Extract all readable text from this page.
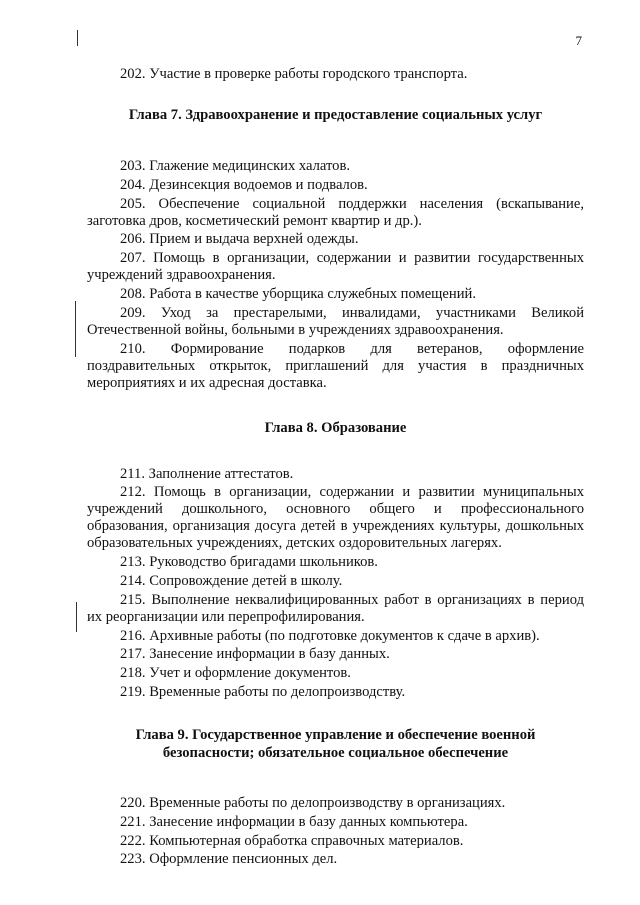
7

202. Участие в проверке работы городского транспорта.

Глава 7. Здравоохранение и предоставление социальных услуг

203. Глажение медицинских халатов.

204. Дезинсекция водоемов и подвалов.

205. Обеспечение социальной поддержки населения (вскапывание, заготовка дров, косметический ремонт квартир и др.).

206. Прием и выдача верхней одежды.

207. Помощь в организации, содержании и развитии государственных учреждений здравоохранения.

208. Работа в качестве уборщика служебных помещений.

209. Уход за престарелыми, инвалидами, участниками Великой Отечественной войны, больными в учреждениях здравоохранения.

210. Формирование подарков для ветеранов, оформление поздравительных открыток, приглашений для участия в праздничных мероприятиях и их адресная доставка.

Глава 8. Образование

211. Заполнение аттестатов.

212. Помощь в организации, содержании и развитии муниципальных учреждений дошкольного, основного общего и профессионального образования, организация досуга детей в учреждениях культуры, дошкольных образовательных учреждениях, детских оздоровительных лагерях.

213. Руководство бригадами школьников.

214. Сопровождение детей в школу.

215. Выполнение неквалифицированных работ в организациях в период их реорганизации или перепрофилирования.

216. Архивные работы (по подготовке документов к сдаче в архив).

217. Занесение информации в базу данных.

218. Учет и оформление документов.

219. Временные работы по делопроизводству.

Глава 9. Государственное управление и обеспечение военной безопасности; обязательное социальное обеспечение

220. Временные работы по делопроизводству в организациях.

221. Занесение информации в базу данных компьютера.

222. Компьютерная обработка справочных материалов.

223. Оформление пенсионных дел.
